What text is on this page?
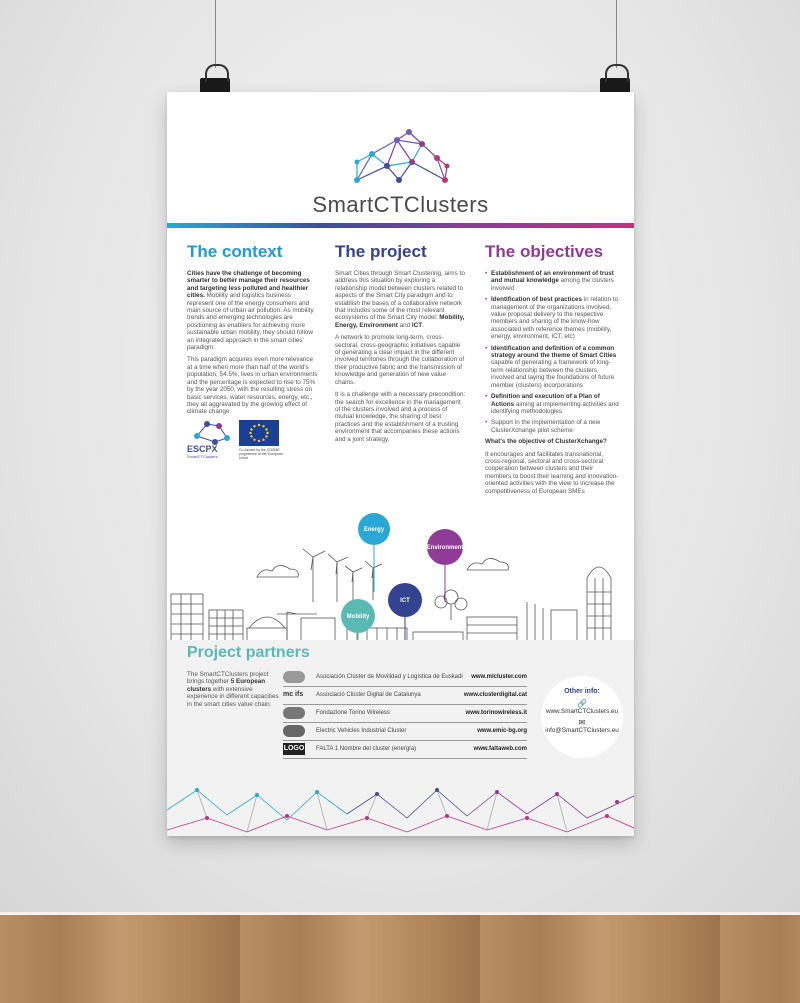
SmartCTClusters
The context

Cities have the challenge of becoming smarter to better manage their resources and targeting less polluted and healthier cities. Mobility and logistics business represent one of the energy consumers and main source of urban air pollution. As mobility trends and emerging technologies are positioning as enablers for achieving more sustainable urban mobility, they should follow an integrated approach in the smart cities' paradigm.

This paradigm acquires even more relevance at a time when more than half of the world's population, 54.5%, lives in urban environments and the percentage is expected to rise to 75% by the year 2050, with the resulting stress on basic services, water resources, energy, etc., they all aggravated by the growing effect of climate change.

ESCPX
SmartCTClusters
Co-funded by the COSME programme of the European Union
The project

Smart Cities through Smart Clustering, aims to address this situation by exploring a relationship model between clusters related to aspects of the Smart City paradigm and to establish the bases of a collaborative network that includes some of the most relevant ecosystems of the Smart City model: Mobility, Energy, Environment and ICT.

A network to promote long-term, cross-sectoral, cross-geographic initiatives capable of generating a clear impact in the different involved territories through the collaboration of their productive fabric and the transmission of knowledge and generation of new value chains.

It is a challenge with a necessary precondition: the search for excellence in the management of the clusters involved and a process of mutual knowledge, the sharing of best practices and the establishment of a trusting environment that accompanies these actions and a joint strategy.

The objectives
• Establishment of an environment of trust and mutual knowledge among the clusters involved
• Identification of best practices in relation to management of the organizations involved, value proposal delivery to the respective members and sharing of the know-how associated with reference themes (mobility, energy, environment, ICT, etc)
• Identification and definition of a common strategy around the theme of Smart Cities capable of generating a framework of long-term relationship between the clusters involved and laying the foundations of future member (clusters) incorporations
• Definition and execution of a Plan of Actions aiming at implementing activities and identifying methodologies
• Support in the implementation of a new ClusterXchange pilot scheme

What's the objective of ClusterXchange?

It encourages and facilitates transnational, cross-regional, sectoral and cross-sectoral cooperation between clusters and their members to boost their learning and innovation-oriented activities with the view to increase the competitiveness of European SMEs

Energy
Environment
ICT
Mobility
Project partners
The SmartCTClusters project brings together 5 European clusters with extensive experience in different capacities in the smart cities value chain:
Asociación Clúster de Movilidad y Logística de Euskadi www.mlcluster.com
mc ifs	Associació Clúster Digital de Catalunya	www.clusterdigital.cat
Fondazione Torino Wireless	www.torinowireless.it
Electric Vehicles Industrial Cluster	www.emic-bg.org
LOGO FALTA 1 Nombre del cluster (energía)	www.faltaweb.com
Other info:
🔗
www.SmartCTClusters.eu
✉
info@SmartCTClusters.eu
